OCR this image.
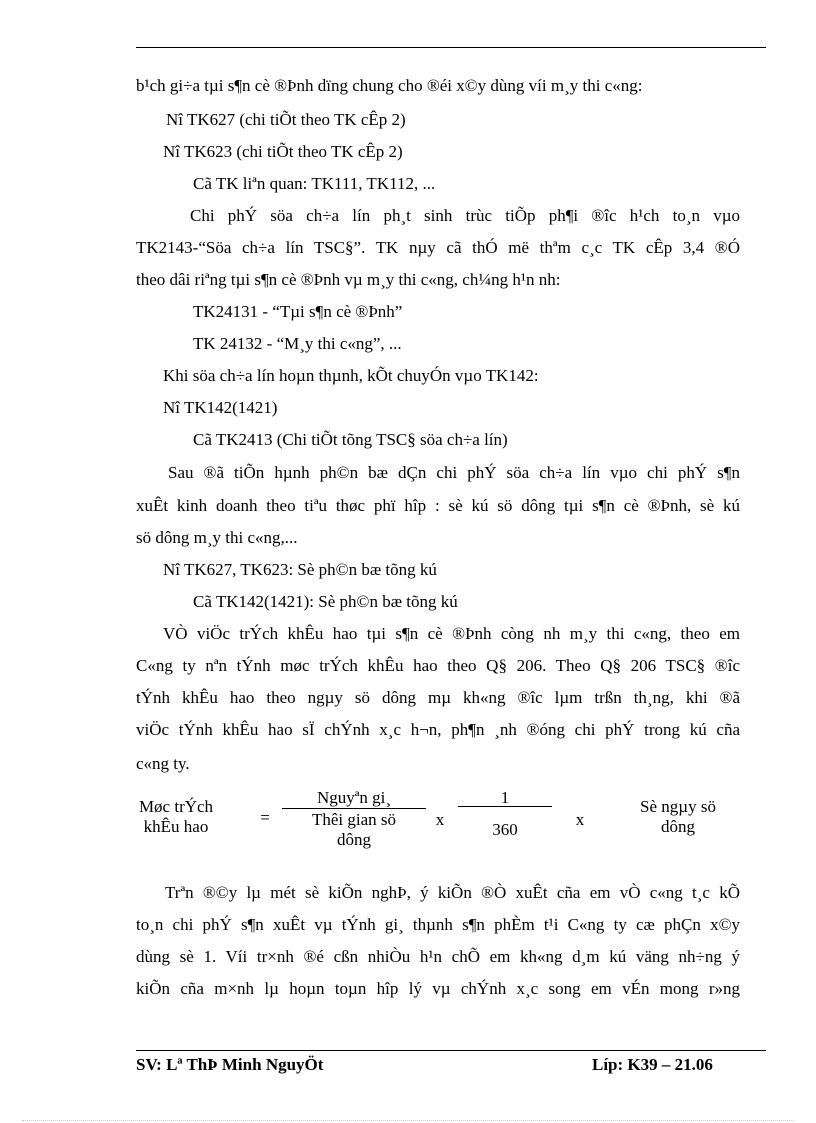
b¹ch gi÷a tµi s¶n cè ®Þnh dïng chung cho ®éi x©y dùng víi m¸y thi c«ng:
Nî TK627 (chi tiÕt theo TK cÊp 2)
Nî TK623 (chi tiÕt theo TK cÊp 2)
Cã TK liªn quan: TK111, TK112, ...
Chi phÝ söa ch÷a lín ph¸t sinh trùc tiÕp ph¶i ®îc h¹ch to¸n vµo
TK2143-“Söa ch÷a lín TSC§”. TK nµy cã thÓ më thªm c¸c TK cÊp 3,4 ®Ó
theo dâi riªng tµi s¶n cè ®Þnh vµ m¸y thi c«ng, ch¼ng h¹n nh:
TK24131 - “Tµi s¶n cè ®Þnh”
TK 24132 - “M¸y thi c«ng”, ...
Khi söa ch÷a lín hoµn thµnh, kÕt chuyÓn vµo TK142:
Nî TK142(1421)
Cã TK2413 (Chi tiÕt tõng TSC§ söa ch÷a lín)
Sau ®ã tiÕn hµnh ph©n bæ dÇn chi phÝ söa ch÷a lín vµo chi phÝ s¶n
xuÊt kinh doanh theo tiªu thøc phï hîp : sè kú sö dông tµi s¶n cè ®Þnh, sè kú
sö dông m¸y thi c«ng,...
Nî TK627, TK623: Sè ph©n bæ tõng kú
Cã TK142(1421): Sè ph©n bæ tõng kú
VÒ viÖc trÝch khÊu hao tµi s¶n cè ®Þnh còng nh m¸y thi c«ng, theo em
C«ng ty nªn tÝnh møc trÝch khÊu hao theo Q§ 206. Theo Q§ 206 TSC§ ®îc
tÝnh khÊu hao theo ngµy sö dông mµ kh«ng ®îc lµm trßn th¸ng, khi ®ã
viÖc tÝnh khÊu hao sÏ chÝnh x¸c h¬n, ph¶n ¸nh ®óng chi phÝ trong kú cña
c«ng ty.
Møc trÝch
khÊu hao	=
Nguyªn gi¸
Thêi gian sö
dông
x
1
360
x
Sè ngµy sö
dông
Trªn ®©y lµ mét sè kiÕn nghÞ, ý kiÕn ®Ò xuÊt cña em vÒ c«ng t¸c kÕ
to¸n chi phÝ s¶n xuÊt vµ tÝnh gi¸ thµnh s¶n phÈm t¹i C«ng ty cæ phÇn x©y
dùng sè 1. Víi tr×nh ®é cßn nhiÒu h¹n chÕ em kh«ng d¸m kú väng nh÷ng ý
kiÕn cña m×nh lµ hoµn toµn hîp lý vµ chÝnh x¸c song em vÉn mong r»ng
SV: Lª ThÞ Minh NguyÖt	Líp: K39 – 21.06
